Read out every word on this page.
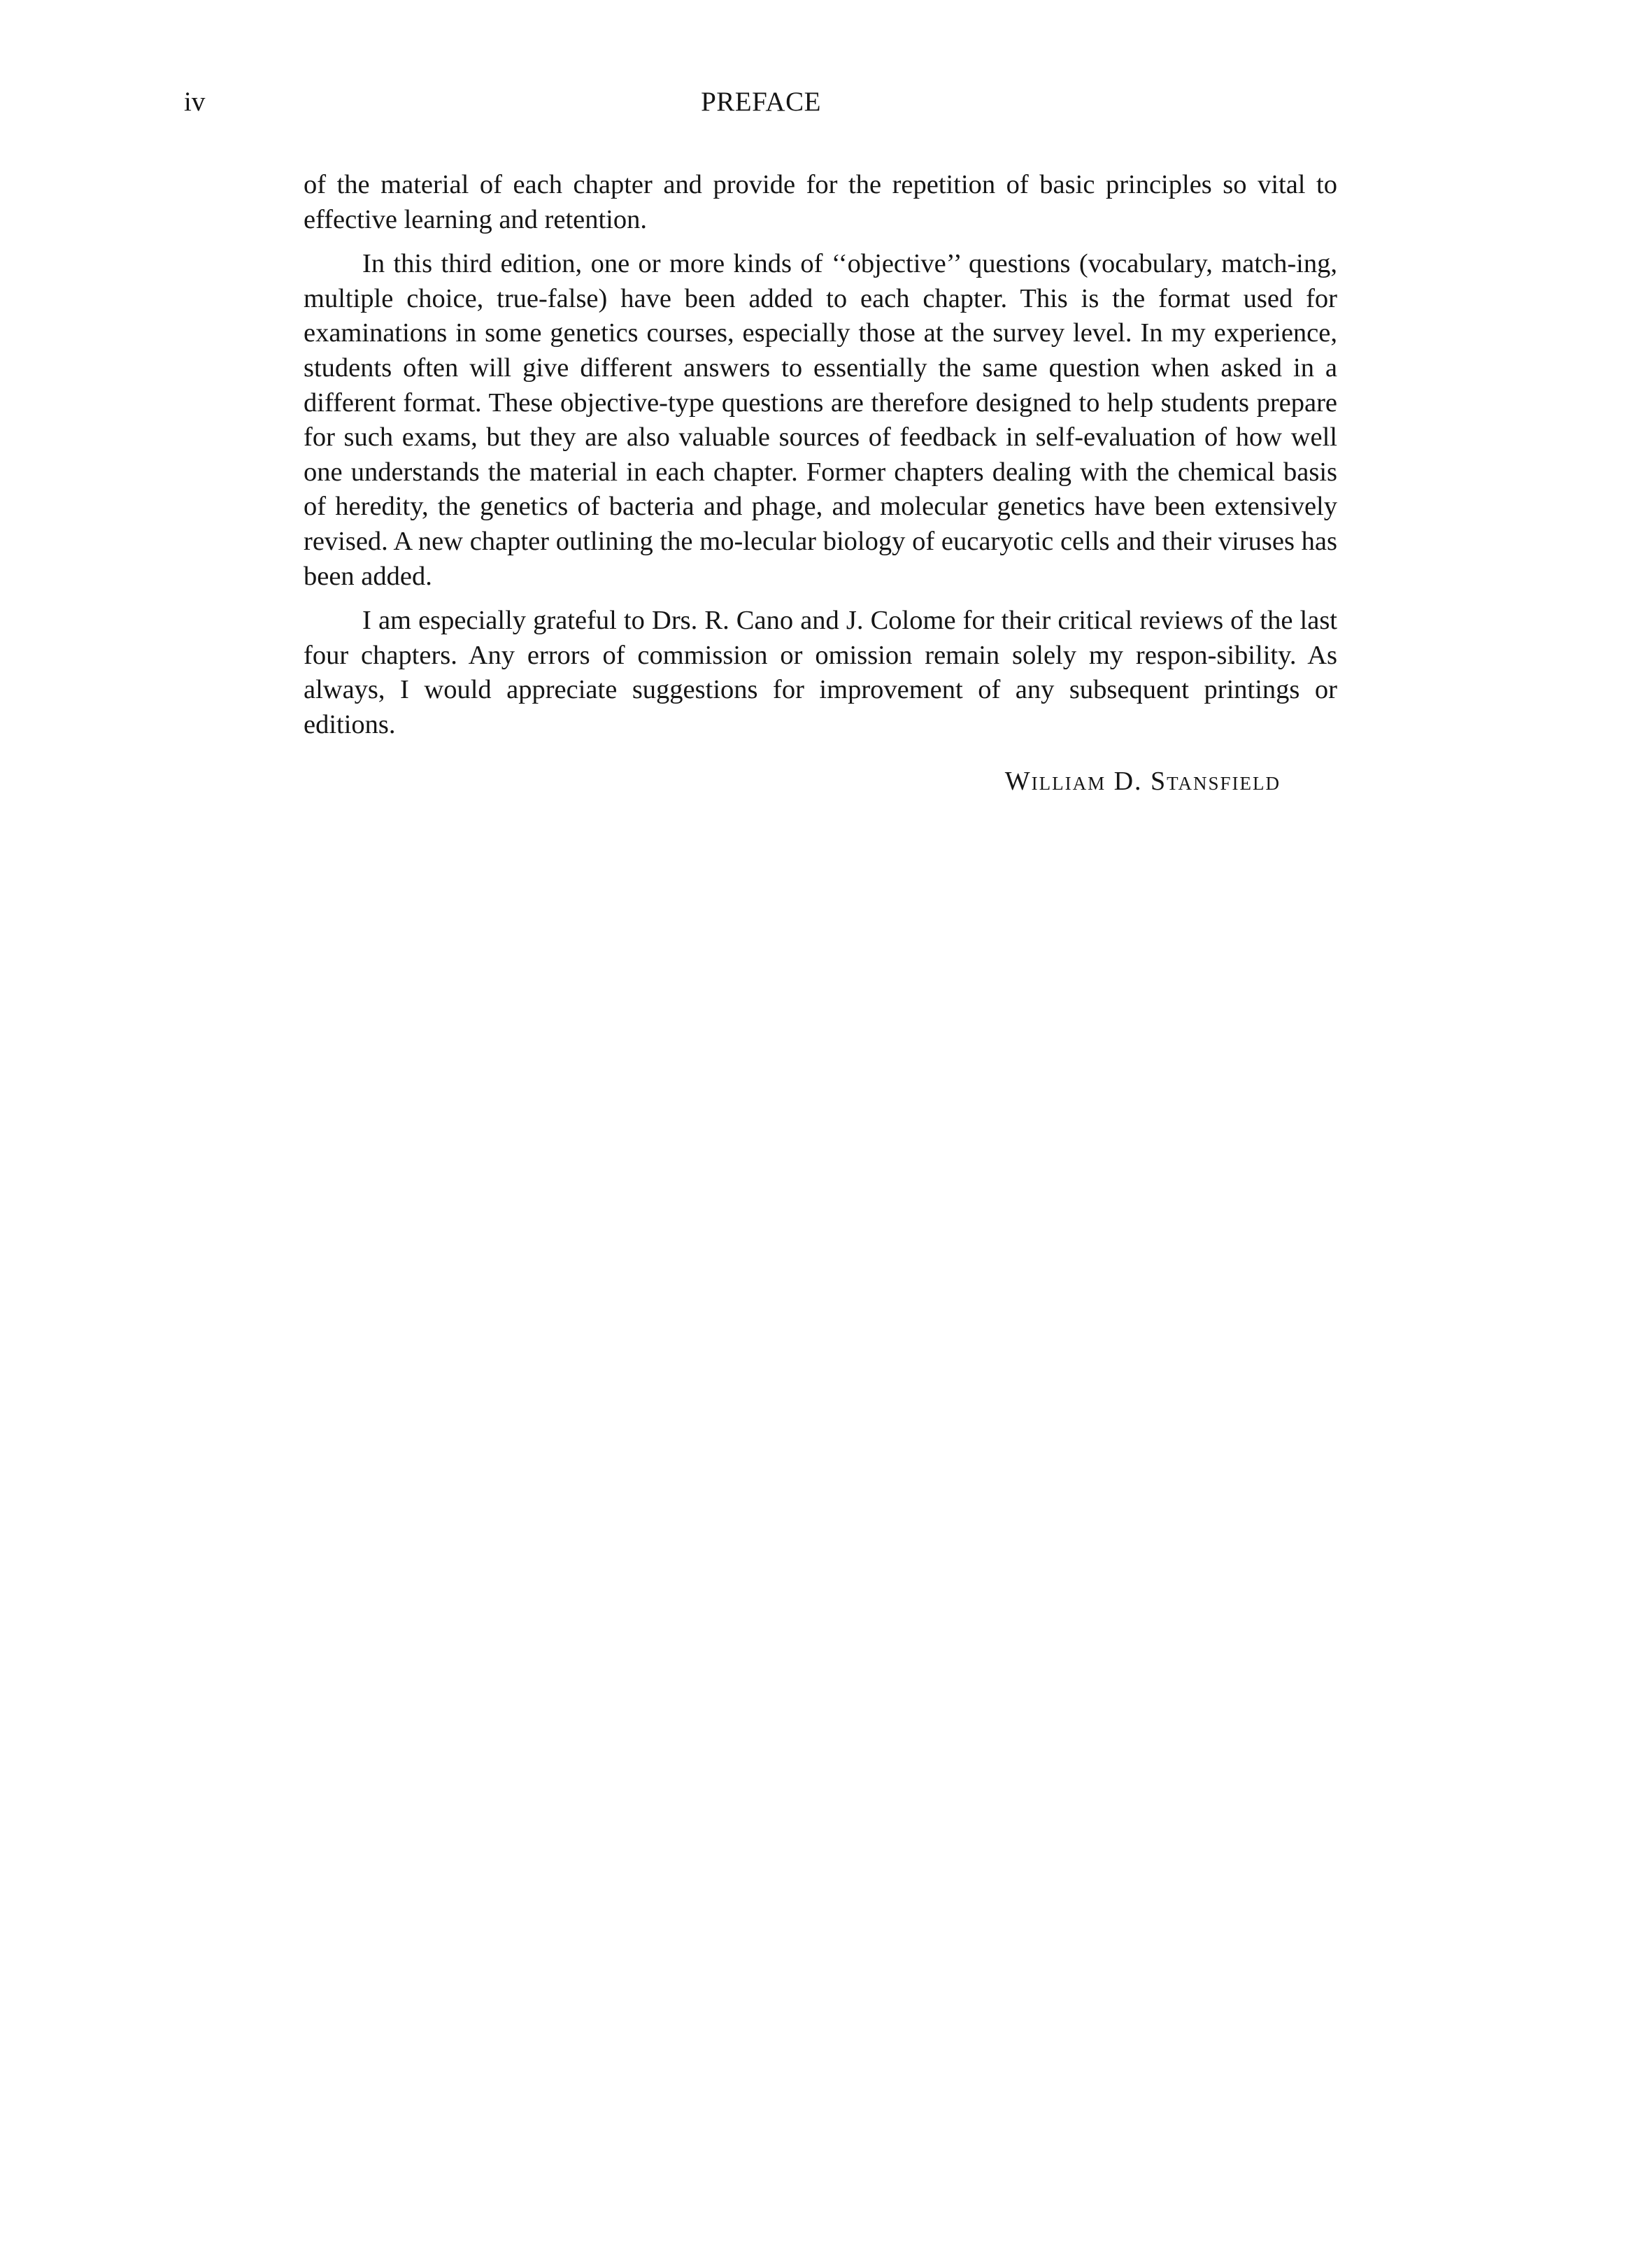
iv	PREFACE

of the material of each chapter and provide for the repetition of basic principles so vital to effective learning and retention.

In this third edition, one or more kinds of ‘‘objective’’ questions (vocabulary, match-ing, multiple choice, true-false) have been added to each chapter. This is the format used for examinations in some genetics courses, especially those at the survey level. In my experience, students often will give different answers to essentially the same question when asked in a different format. These objective-type questions are therefore designed to help students prepare for such exams, but they are also valuable sources of feedback in self-evaluation of how well one understands the material in each chapter. Former chapters dealing with the chemical basis of heredity, the genetics of bacteria and phage, and molecular genetics have been extensively revised. A new chapter outlining the mo-lecular biology of eucaryotic cells and their viruses has been added.

I am especially grateful to Drs. R. Cano and J. Colome for their critical reviews of the last four chapters. Any errors of commission or omission remain solely my respon-sibility. As always, I would appreciate suggestions for improvement of any subsequent printings or editions.

William D. Stansfield
